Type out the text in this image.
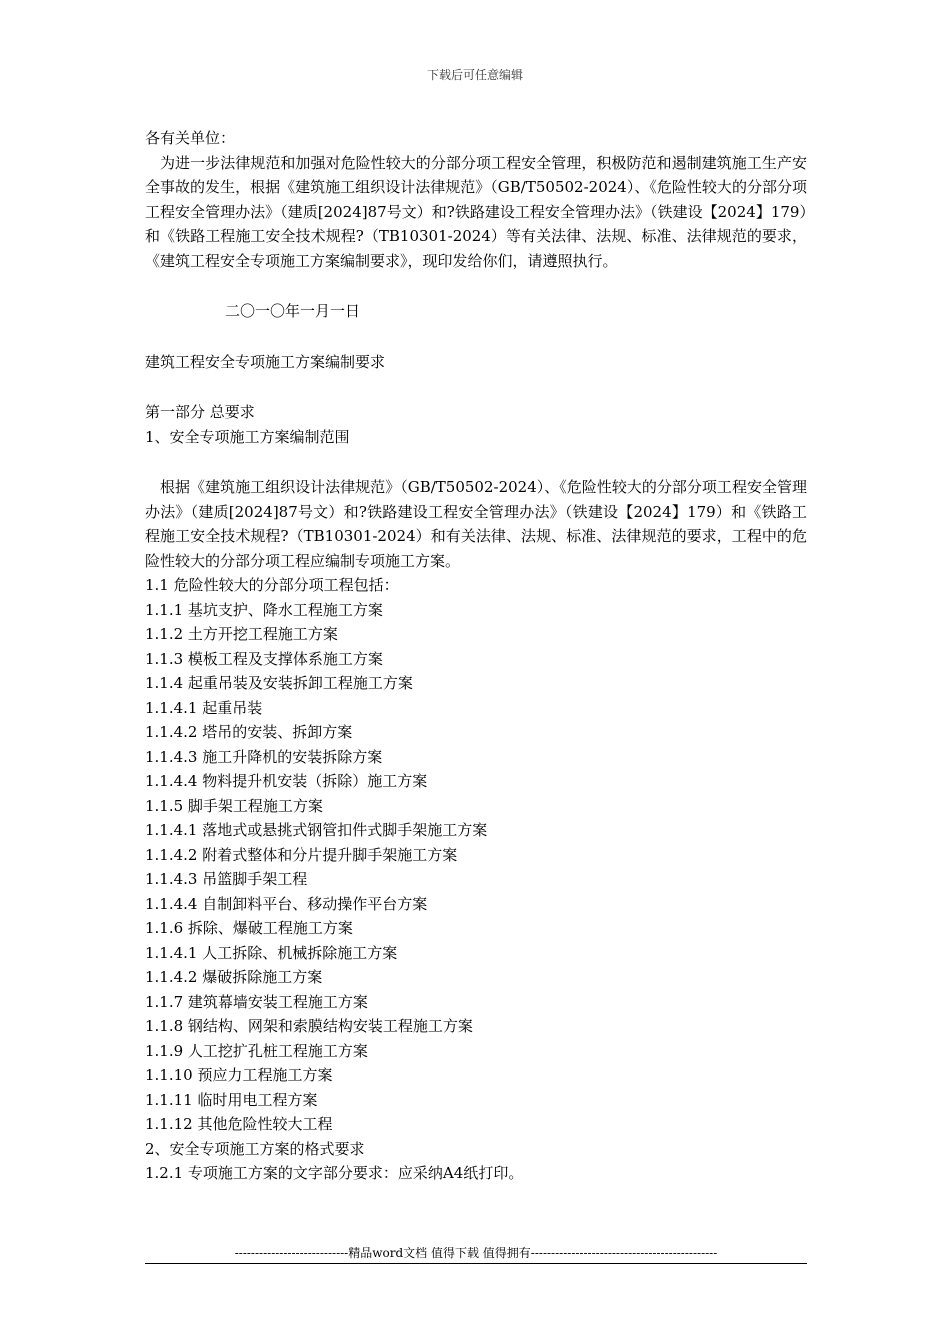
下载后可任意编辑

各有关单位：

为进一步法律规范和加强对危险性较大的分部分项工程安全管理，积极防范和遏制建筑施工生产安全事故的发生，根据《建筑施工组织设计法律规范》（GB/T50502-2024）、《危险性较大的分部分项工程安全管理办法》（建质[2024]87号文）和?铁路建设工程安全管理办法》（铁建设【2024】179）和《铁路工程施工安全技术规程?（TB10301-2024）等有关法律、法规、标准、法律规范的要求，《建筑工程安全专项施工方案编制要求》，现印发给你们，请遵照执行。

二〇一〇年一月一日

建筑工程安全专项施工方案编制要求

第一部分 总要求

1、安全专项施工方案编制范围

根据《建筑施工组织设计法律规范》（GB/T50502-2024）、《危险性较大的分部分项工程安全管理办法》（建质[2024]87号文）和?铁路建设工程安全管理办法》（铁建设【2024】179）和《铁路工程施工安全技术规程?（TB10301-2024）和有关法律、法规、标准、法律规范的要求，工程中的危险性较大的分部分项工程应编制专项施工方案。

1.1 危险性较大的分部分项工程包括：

1.1.1 基坑支护、降水工程施工方案

1.1.2 土方开挖工程施工方案

1.1.3 模板工程及支撑体系施工方案

1.1.4 起重吊装及安装拆卸工程施工方案

1.1.4.1 起重吊装

1.1.4.2 塔吊的安装、拆卸方案

1.1.4.3 施工升降机的安装拆除方案

1.1.4.4 物料提升机安装（拆除）施工方案

1.1.5 脚手架工程施工方案

1.1.4.1 落地式或悬挑式钢管扣件式脚手架施工方案

1.1.4.2 附着式整体和分片提升脚手架施工方案

1.1.4.3 吊篮脚手架工程

1.1.4.4 自制卸料平台、移动操作平台方案

1.1.6 拆除、爆破工程施工方案

1.1.4.1 人工拆除、机械拆除施工方案

1.1.4.2 爆破拆除施工方案

1.1.7 建筑幕墙安装工程施工方案

1.1.8 钢结构、网架和索膜结构安装工程施工方案

1.1.9 人工挖扩孔桩工程施工方案

1.1.10 预应力工程施工方案

1.1.11 临时用电工程方案

1.1.12 其他危险性较大工程

2、安全专项施工方案的格式要求

1.2.1 专项施工方案的文字部分要求：应采纳A4纸打印。

----------------------------精品word文档 值得下载 值得拥有----------------------------------------------
